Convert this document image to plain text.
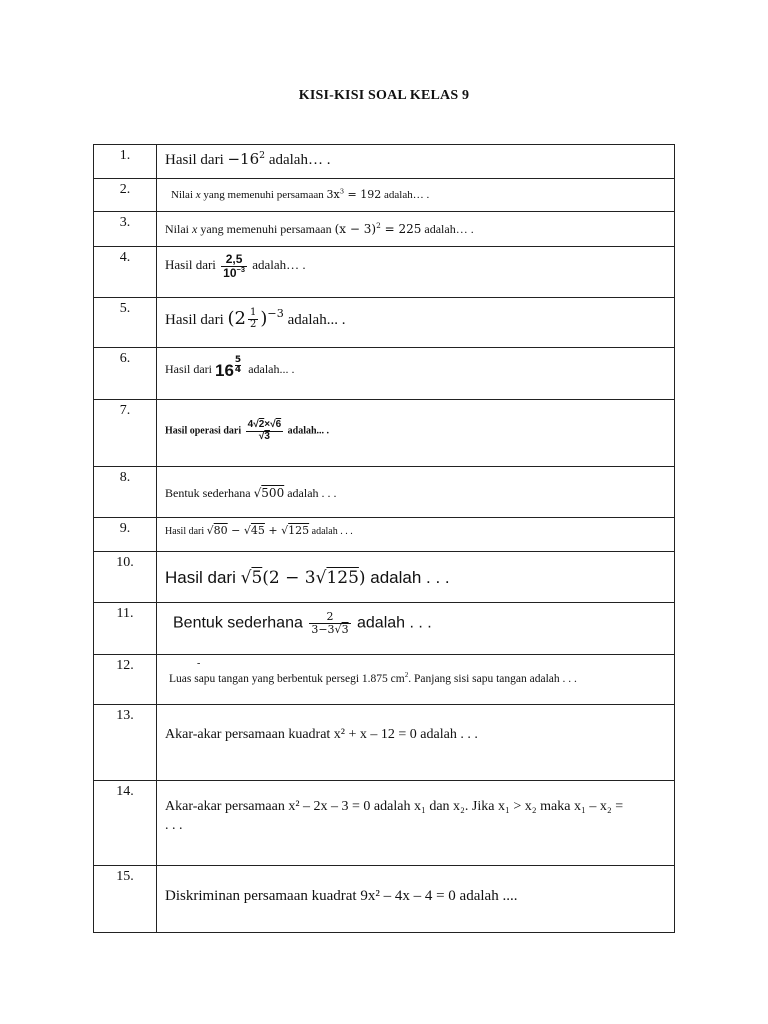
KISI-KISI SOAL KELAS 9
1.	Hasil dari $-16^2$ adalah… .

2.	Nilai x yang memenuhi persamaan $3x^3 = 192$ adalah… .

3.	Nilai x yang memenuhi persamaan $(x - 3)^2 = 225$ adalah… .

4.	Hasil dari $\frac{2,5}{10^{-3}}$ adalah… .

5.	Hasil dari $(2 \frac{1}{2} )^{-3}$ adalah... .

6.	Hasil dari $16 \frac{5}{4}$ adalah... .

7.	Hasil operasi dari $\frac{4√2\times√6}{√3}$ adalah... .

8.	Bentuk sederhana √500 adalah . . .

9.	Hasil dari √80 − √45 + √125 adalah . . .

10.	Hasil dari √5(2 − 3√125) adalah . . .

11.	Bentuk sederhana $\frac{2}{3-3√3}$ adalah . . .

12.	-
Luas sapu tangan yang berbentuk persegi 1.875 $cm^2$. Panjang sisi sapu tangan adalah . . .

13.	Akar-akar persamaan kuadrat x² + x – 12 = 0 adalah . . .

14.	Akar-akar persamaan x² – 2x – 3 = 0 adalah x₁ dan x₂. Jika x₁ > x₂ maka x₁ – x₂ =
. . .

15.	Diskriminan persamaan kuadrat 9x² – 4x – 4 = 0 adalah ....
